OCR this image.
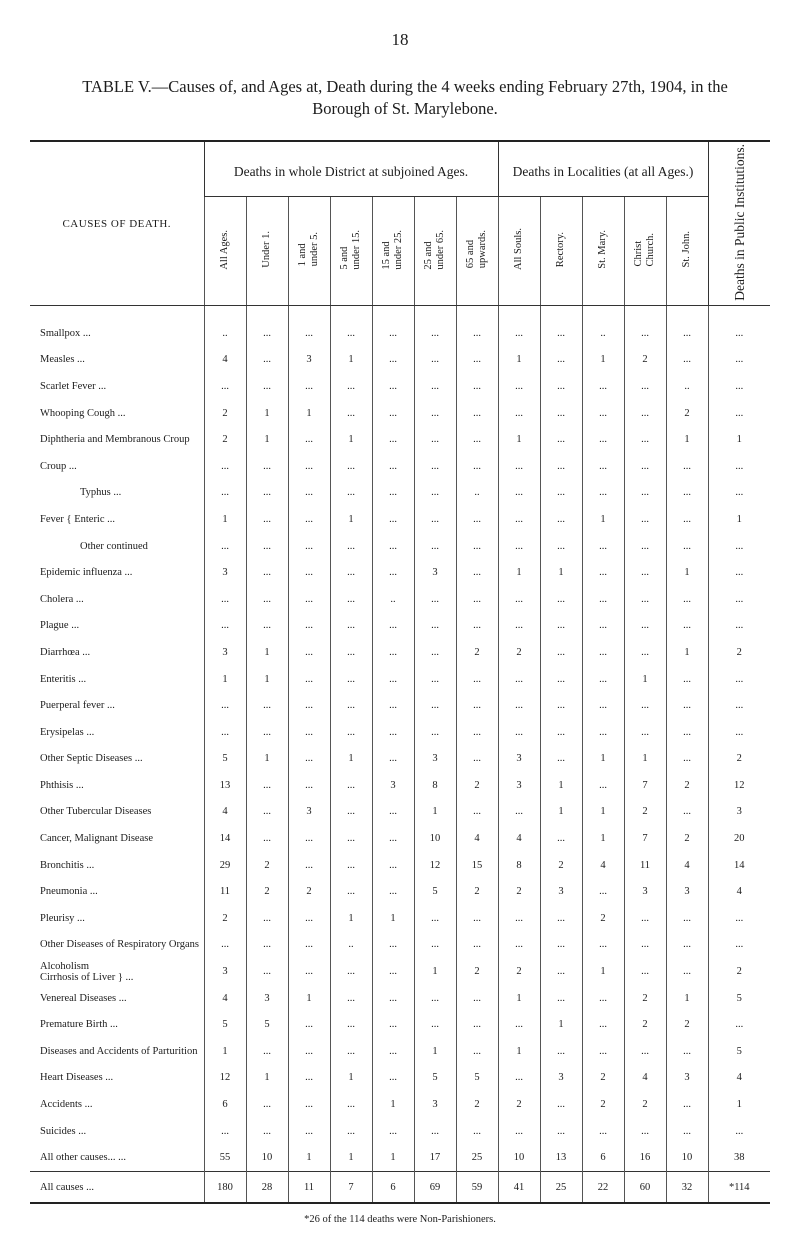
18
TABLE V.—Causes of, and Ages at, Death during the 4 weeks ending February 27th, 1904, in the Borough of St. Marylebone.

CAUSES OF DEATH.	Deaths in whole District at subjoined Ages.							Deaths in Localities (at all Ages.)					Deaths in Public Institutions.
	All Ages.	Under 1.	1 and
under 5.	5 and
under 15.	15 and
under 25.	25 and
under 65.	65 and
upwards.	All Souls.	Rectory.	St. Mary.	Christ
Church.	St. John.	
Smallpox ...	..	...	...	...	...	...	...	...	...	..	...	...	...
Measles ...	4	...	3	1	...	...	...	1	...	1	2	...	...
Scarlet Fever ...	...	...	...	...	...	...	...	...	...	...	...	..	...
Whooping Cough ...	2	1	1	...	...	...	...	...	...	...	...	2	...
Diphtheria and Membranous Croup	2	1	...	1	...	...	...	1	...	...	...	1	1
Croup ...	...	...	...	...	...	...	...	...	...	...	...	...	...
Typhus ...	...	...	...	...	...	...	..	...	...	...	...	...	...
Fever { Enteric ...	1	...	...	1	...	...	...	...	...	1	...	...	1
Other continued	...	...	...	...	...	...	...	...	...	...	...	...	...
Epidemic influenza ...	3	...	...	...	...	3	...	1	1	...	...	1	...
Cholera ...	...	...	...	...	..	...	...	...	...	...	...	...	...
Plague ...	...	...	...	...	...	...	...	...	...	...	...	...	...
Diarrhœa ...	3	1	...	...	...	...	2	2	...	...	...	1	2
Enteritis ...	1	1	...	...	...	...	...	...	...	...	1	...	...
Puerperal fever ...	...	...	...	...	...	...	...	...	...	...	...	...	...
Erysipelas ...	...	...	...	...	...	...	...	...	...	...	...	...	...
Other Septic Diseases ...	5	1	...	1	...	3	...	3	...	1	1	...	2
Phthisis ...	13	...	...	...	3	8	2	3	1	...	7	2	12
Other Tubercular Diseases	4	...	3	...	...	1	...	...	1	1	2	...	3
Cancer, Malignant Disease	14	...	...	...	...	10	4	4	...	1	7	2	20
Bronchitis ...	29	2	...	...	...	12	15	8	2	4	11	4	14
Pneumonia ...	11	2	2	...	...	5	2	2	3	...	3	3	4
Pleurisy ...	2	...	...	1	1	...	...	...	...	2	...	...	...
Other Diseases of Respiratory Organs	...	...	...	..	...	...	...	...	...	...	...	...	...
Alcoholism
Cirrhosis of Liver } ...	3	...	...	...	...	1	2	2	...	1	...	...	2
Venereal Diseases ...	4	3	1	...	...	...	...	1	...	...	2	1	5
Premature Birth ...	5	5	...	...	...	...	...	...	1	...	2	2	...
Diseases and Accidents of Parturition	1	...	...	...	...	1	...	1	...	...	...	...	5
Heart Diseases ...	12	1	...	1	...	5	5	...	3	2	4	3	4
Accidents ...	6	...	...	...	1	3	2	2	...	2	2	...	1
Suicides ...	...	...	...	...	...	...	...	...	...	...	...	...	...
All other causes... ...	55	10	1	1	1	17	25	10	13	6	16	10	38
All causes ...	180	28	11	7	6	69	59	41	25	22	60	32	*114
*26 of the 114 deaths were Non-Parishioners.
